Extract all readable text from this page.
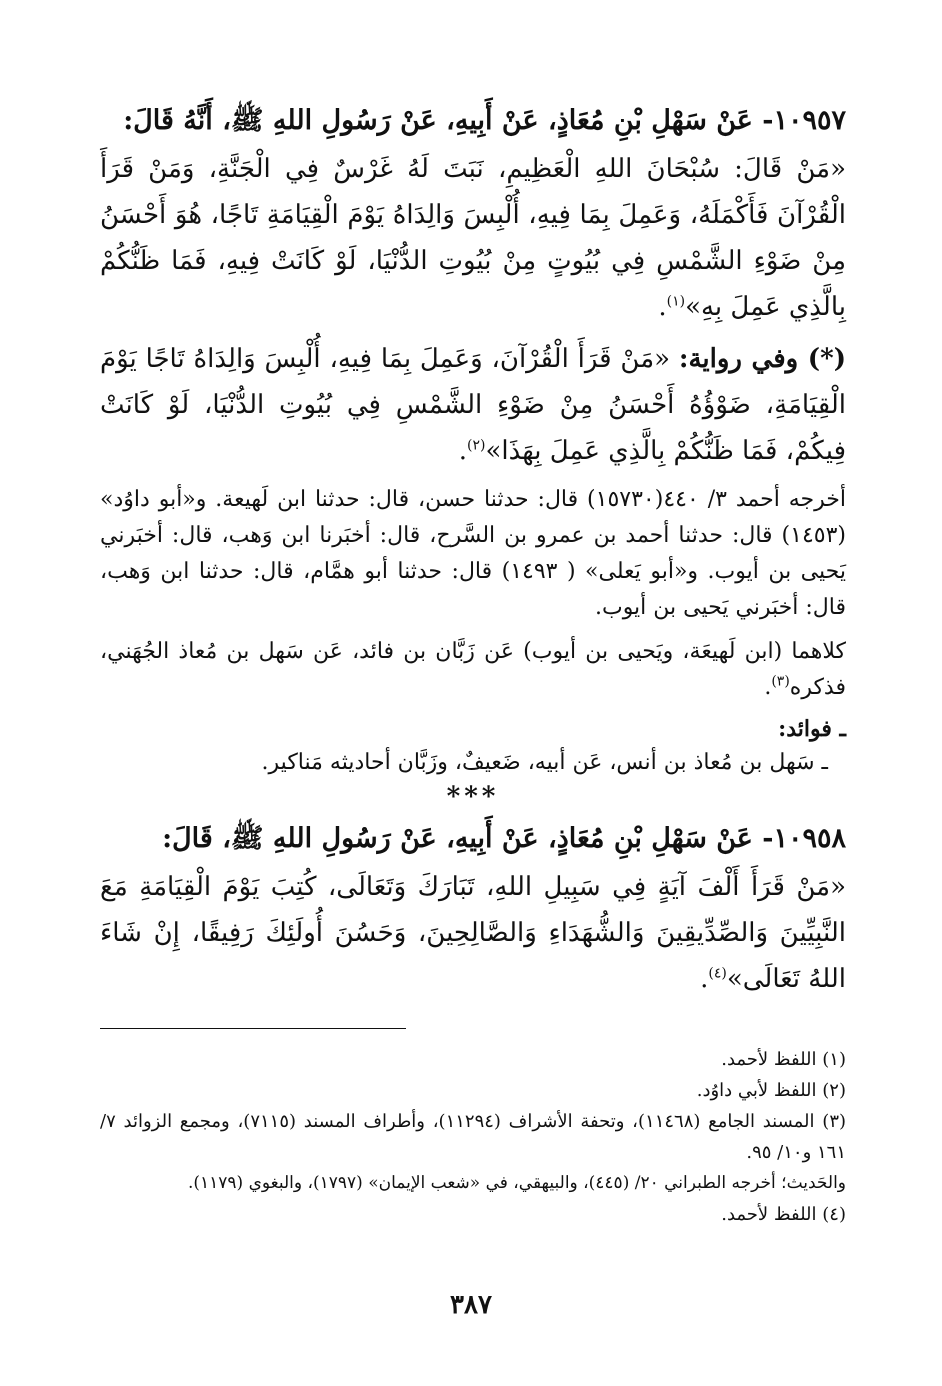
١٠٩٥٧- عَنْ سَهْلِ بْنِ مُعَاذٍ، عَنْ أَبِيهِ، عَنْ رَسُولِ اللهِ ﷺ، أَنَّهُ قَالَ:

«مَنْ قَالَ: سُبْحَانَ اللهِ الْعَظِيمِ، نَبَتَ لَهُ غَرْسٌ فِي الْجَنَّةِ، وَمَنْ قَرَأَ الْقُرْآنَ فَأَكْمَلَهُ، وَعَمِلَ بِمَا فِيهِ، أُلْبِسَ وَالِدَاهُ يَوْمَ الْقِيَامَةِ تَاجًا، هُوَ أَحْسَنُ مِنْ ضَوْءِ الشَّمْسِ فِي بُيُوتٍ مِنْ بُيُوتِ الدُّنْيَا، لَوْ كَانَتْ فِيهِ، فَمَا ظَنُّكُمْ بِالَّذِي عَمِلَ بِهِ»$^{(١)}$.

(*) وفي رواية: «مَنْ قَرَأَ الْقُرْآنَ، وَعَمِلَ بِمَا فِيهِ، أُلْبِسَ وَالِدَاهُ تَاجًا يَوْمَ الْقِيَامَةِ، ضَوْؤُهُ أَحْسَنُ مِنْ ضَوْءِ الشَّمْسِ فِي بُيُوتِ الدُّنْيَا، لَوْ كَانَتْ فِيكُمْ، فَمَا ظَنُّكُمْ بِالَّذِي عَمِلَ بِهَذَا»$^{(٢)}$.

أخرجه أحمد ٣/ ٤٤٠(١٥٧٣٠) قال: حدثنا حسن، قال: حدثنا ابن لَهيعة. و«أبو داوُد» (١٤٥٣) قال: حدثنا أحمد بن عمرو بن السَّرح، قال: أخبَرنا ابن وَهب، قال: أخبَرني يَحيى بن أيوب. و«أبو يَعلى» ( ١٤٩٣) قال: حدثنا أبو همَّام، قال: حدثنا ابن وَهب، قال: أخبَرني يَحيى بن أيوب.

كلاهما (ابن لَهيعَة، ويَحيى بن أيوب) عَن زَبَّان بن فائد، عَن سَهل بن مُعاذ الجُهَني، فذكره$^{(٣)}$.

ـ فوائد:

ـ سَهل بن مُعاذ بن أنس، عَن أبيه، ضَعيفٌ، وزَبَّان أحاديثه مَناكير.

***

١٠٩٥٨- عَنْ سَهْلِ بْنِ مُعَاذٍ، عَنْ أَبِيهِ، عَنْ رَسُولِ اللهِ ﷺ، قَالَ:

«مَنْ قَرَأَ أَلْفَ آيَةٍ فِي سَبِيلِ اللهِ، تَبَارَكَ وَتَعَالَى، كُتِبَ يَوْمَ الْقِيَامَةِ مَعَ النَّبِيِّينَ وَالصِّدِّيقِينَ وَالشُّهَدَاءِ وَالصَّالِحِينَ، وَحَسُنَ أُولَئِكَ رَفِيقًا، إِنْ شَاءَ اللهُ تَعَالَى»$^{(٤)}$.

(١) اللفظ لأحمد.

(٢) اللفظ لأبي داوُد.

(٣) المسند الجامع (١١٤٦٨)، وتحفة الأشراف (١١٢٩٤)، وأطراف المسند (٧١١٥)، ومجمع الزوائد ٧/ ١٦١ و١٠/ ٩٥.

والحَديث؛ أخرجه الطبراني ٢٠/ (٤٤٥)، والبيهقي، في «شعب الإيمان» (١٧٩٧)، والبغوي (١١٧٩).

(٤) اللفظ لأحمد.

٣٨٧
